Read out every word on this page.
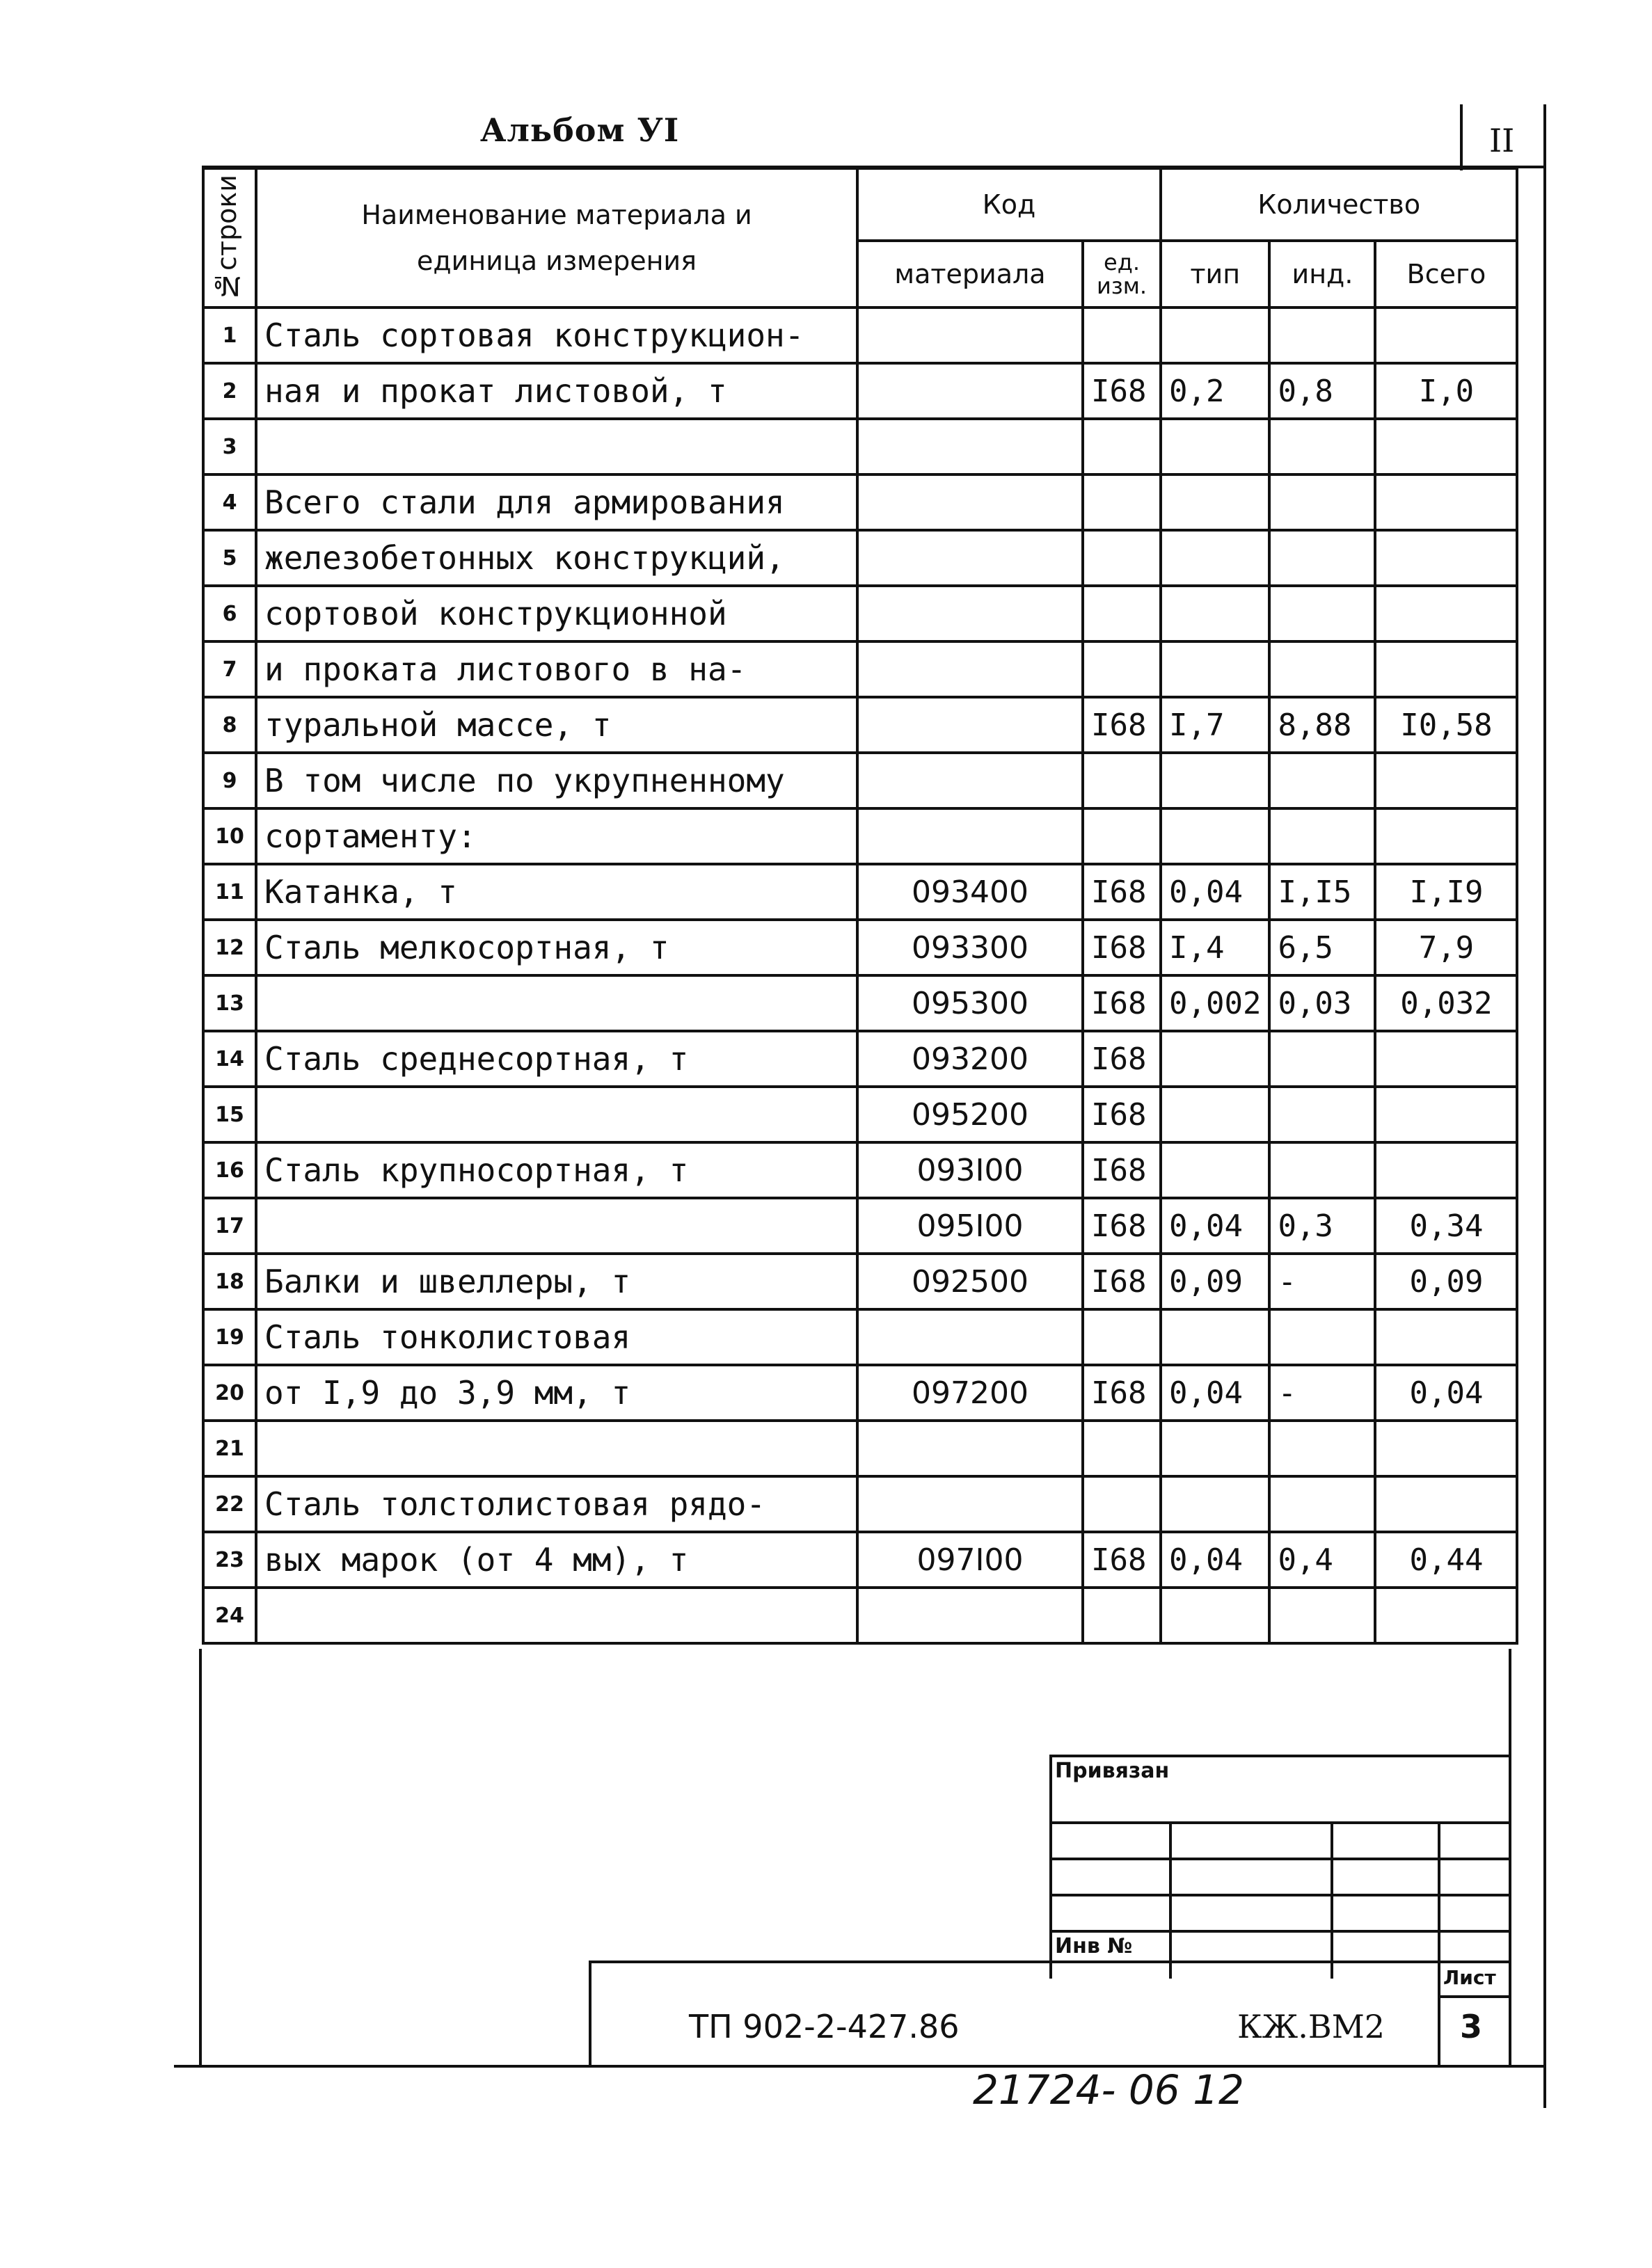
Альбом УI	II
№строки	Наименование материала и единица измерения	Код		Количество		
		материала	ед. изм.	тип	инд.	Всего
1	Сталь сортовая конструкцион-					
2	ная и прокат листовой, т		I68	0,2	0,8	I,0
3						
4	Всего стали для армирования					
5	железобетонных конструкций,					
6	сортовой конструкционной					
7	и проката листового в на-					
8	туральной массе, т		I68	I,7	8,88	I0,58
9	В том числе по укрупненному					
10	сортаменту:					
11	Катанка, т	093400	I68	0,04	I,I5	I,I9
12	Сталь мелкосортная, т	093300	I68	I,4	6,5	7,9
13		095300	I68	0,002	0,03	0,032
14	Сталь среднесортная, т	093200	I68			
15		095200	I68			
16	Сталь крупносортная, т	093I00	I68			
17		095I00	I68	0,04	0,3	0,34
18	Балки и швеллеры, т	092500	I68	0,09	-	0,09
19	Сталь тонколистовая					
20	от I,9 до 3,9 мм, т	097200	I68	0,04	-	0,04
21						
22	Сталь толстолистовая рядо-					
23	вых марок (от 4 мм), т	097I00	I68	0,04	0,4	0,44
24						
Привязан
Инв №
Лист
3
ТП 902-2-427.86	КЖ.ВМ2
21724- 06 12
